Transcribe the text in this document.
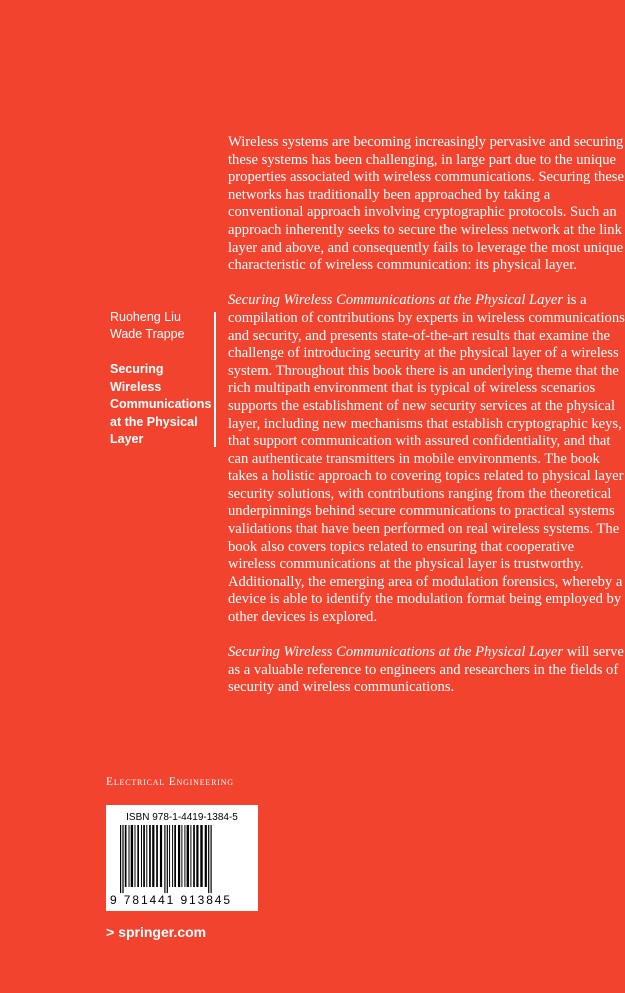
Ruoheng Liu
Wade Trappe
Securing
Wireless
Communications
at the Physical
Layer

Wireless systems are becoming increasingly pervasive and securing these systems has been challenging, in large part due to the unique properties associated with wireless communications. Securing these networks has traditionally been approached by taking a conventional approach involving cryptographic protocols. Such an approach inherently seeks to secure the wireless network at the link layer and above, and consequently fails to leverage the most unique characteristic of wireless communication: its physical layer.

Securing Wireless Communications at the Physical Layer is a compilation of contributions by experts in wireless communications and security, and presents state-of-the-art results that examine the challenge of introducing security at the physical layer of a wireless system. Throughout this book there is an underlying theme that the rich multipath environment that is typical of wireless scenarios supports the establishment of new security services at the physical layer, including new mechanisms that establish cryptographic keys, that support communication with assured confidentiality, and that can authenticate transmitters in mobile environments. The book takes a holistic approach to covering topics related to physical layer security solutions, with contributions ranging from the theoretical underpinnings behind secure communications to practical systems validations that have been performed on real wireless systems. The book also covers topics related to ensuring that cooperative wireless communications at the physical layer is trustworthy. Additionally, the emerging area of modulation forensics, whereby a device is able to identify the modulation format being employed by other devices is explored.

Securing Wireless Communications at the Physical Layer will serve as a valuable reference to engineers and researchers in the fields of security and wireless communications.

Electrical Engineering
ISBN 978-1-4419-1384-5
9 781441 913845
> springer.com
